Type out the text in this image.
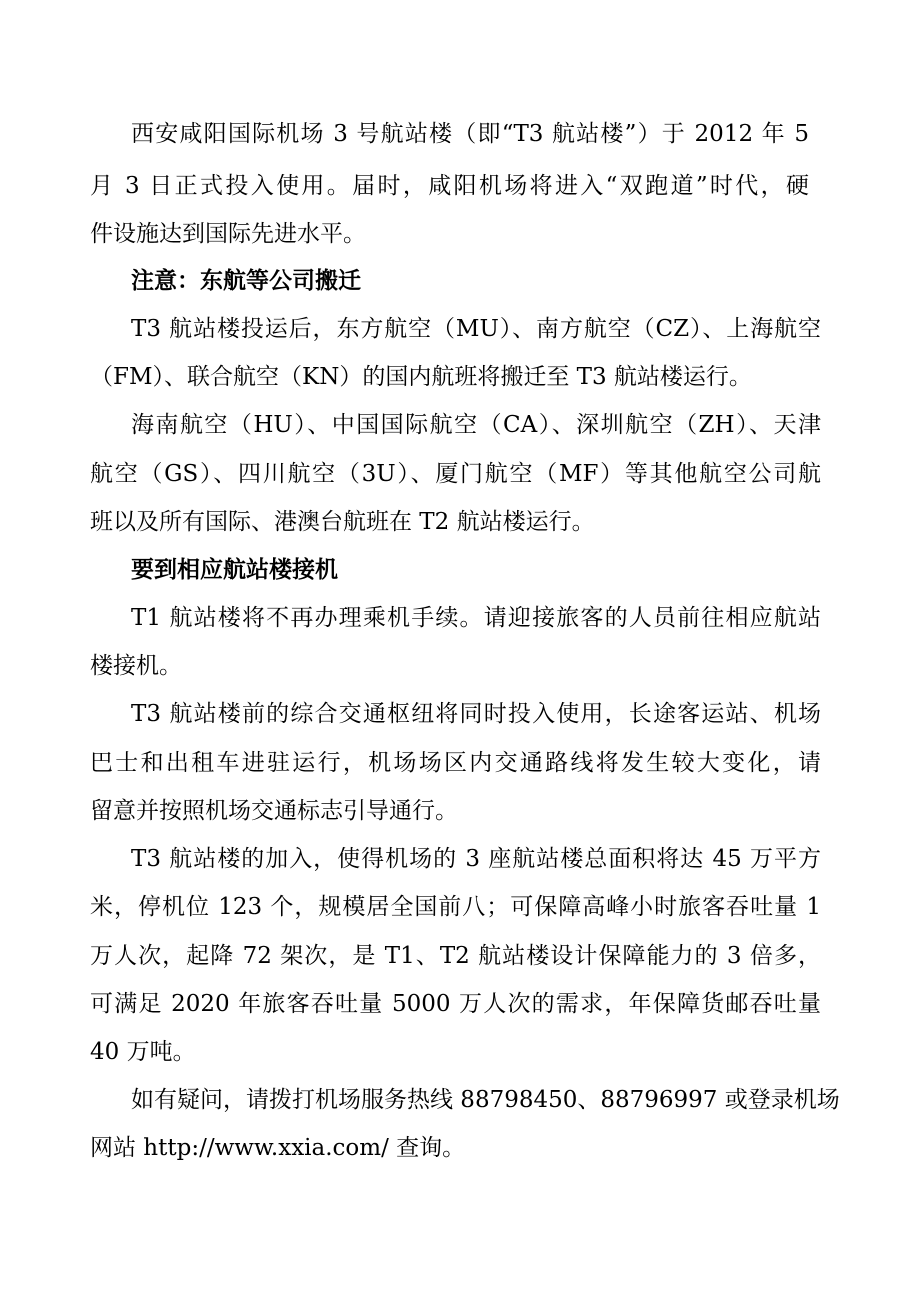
西安咸阳国际机场 3 号航站楼（即“T3 航站楼”）于 2012 年 5
月 3 日正式投入使用。届时，咸阳机场将进入“双跑道”时代，硬
件设施达到国际先进水平。
注意：东航等公司搬迁
T3 航站楼投运后，东方航空（MU）、南方航空（CZ）、上海航空
（FM）、联合航空（KN）的国内航班将搬迁至 T3 航站楼运行。
海南航空（HU）、中国国际航空（CA）、深圳航空（ZH）、天津
航空（GS）、四川航空（3U）、厦门航空（MF）等其他航空公司航
班以及所有国际、港澳台航班在 T2 航站楼运行。
要到相应航站楼接机
T1 航站楼将不再办理乘机手续。请迎接旅客的人员前往相应航站
楼接机。
T3 航站楼前的综合交通枢纽将同时投入使用，长途客运站、机场
巴士和出租车进驻运行，机场场区内交通路线将发生较大变化，请
留意并按照机场交通标志引导通行。
T3 航站楼的加入，使得机场的 3 座航站楼总面积将达 45 万平方
米，停机位 123 个，规模居全国前八；可保障高峰小时旅客吞吐量 1
万人次，起降 72 架次，是 T1、T2 航站楼设计保障能力的 3 倍多，
可满足 2020 年旅客吞吐量 5000 万人次的需求，年保障货邮吞吐量
40 万吨。
如有疑问，请拨打机场服务热线 88798450、88796997 或登录机场
网站 http://www.xxia.com/ 查询。
